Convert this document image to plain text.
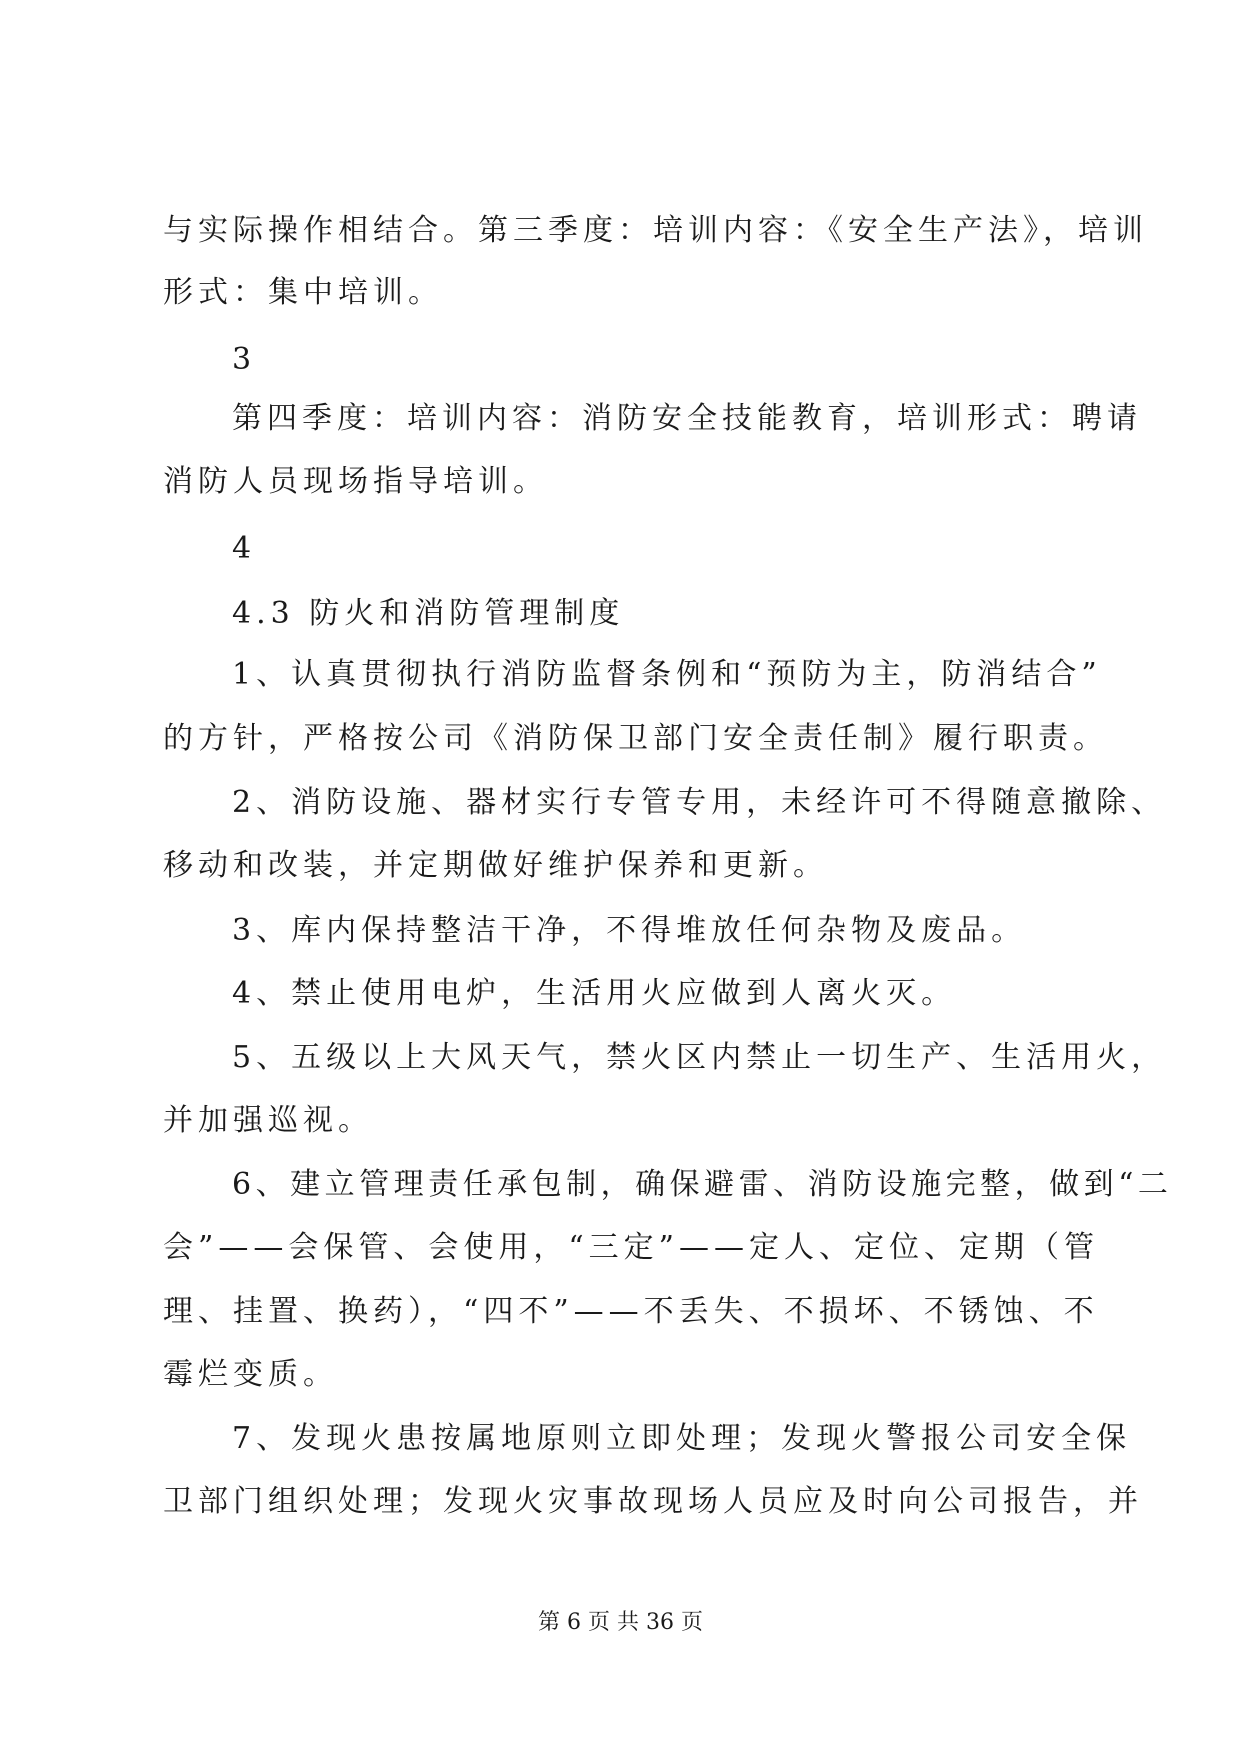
与实际操作相结合。第三季度：培训内容：《安全生产法》，培训
形式：集中培训。
3
第四季度：培训内容：消防安全技能教育，培训形式：聘请
消防人员现场指导培训。
4
4.3 防火和消防管理制度
1、认真贯彻执行消防监督条例和“预防为主，防消结合”
的方针，严格按公司《消防保卫部门安全责任制》履行职责。
2、消防设施、器材实行专管专用，未经许可不得随意撤除、
移动和改装，并定期做好维护保养和更新。
3、库内保持整洁干净，不得堆放任何杂物及废品。
4、禁止使用电炉，生活用火应做到人离火灭。
5、五级以上大风天气，禁火区内禁止一切生产、生活用火，
并加强巡视。
6、建立管理责任承包制，确保避雷、消防设施完整，做到“二
会”——会保管、会使用，“三定”——定人、定位、定期（管
理、挂置、换药），“四不”——不丢失、不损坏、不锈蚀、不
霉烂变质。
7、发现火患按属地原则立即处理；发现火警报公司安全保
卫部门组织处理；发现火灾事故现场人员应及时向公司报告，并
第 6 页 共 36 页
